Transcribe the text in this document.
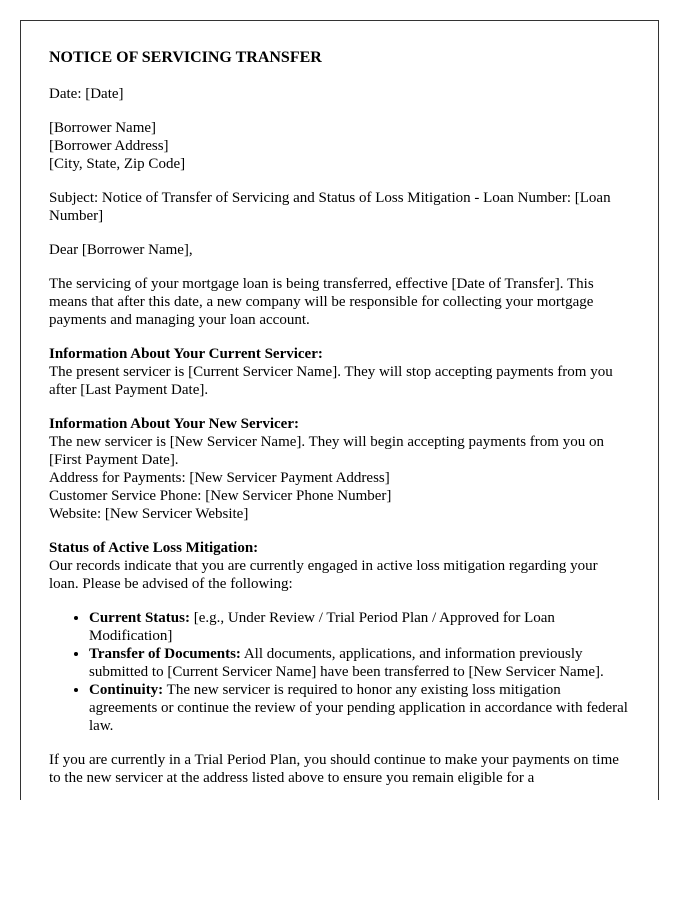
NOTICE OF SERVICING TRANSFER

Date: [Date]

[Borrower Name]
[Borrower Address]
[City, State, Zip Code]

Subject: Notice of Transfer of Servicing and Status of Loss Mitigation - Loan Number: [Loan Number]

Dear [Borrower Name],

The servicing of your mortgage loan is being transferred, effective [Date of Transfer]. This means that after this date, a new company will be responsible for collecting your mortgage payments and managing your loan account.

Information About Your Current Servicer:
The present servicer is [Current Servicer Name]. They will stop accepting payments from you after [Last Payment Date].

Information About Your New Servicer:
The new servicer is [New Servicer Name]. They will begin accepting payments from you on [First Payment Date].
Address for Payments: [New Servicer Payment Address]
Customer Service Phone: [New Servicer Phone Number]
Website: [New Servicer Website]

Status of Active Loss Mitigation:
Our records indicate that you are currently engaged in active loss mitigation regarding your loan. Please be advised of the following:

• Current Status: [e.g., Under Review / Trial Period Plan / Approved for Loan Modification]
• Transfer of Documents: All documents, applications, and information previously submitted to [Current Servicer Name] have been transferred to [New Servicer Name].
• Continuity: The new servicer is required to honor any existing loss mitigation agreements or continue the review of your pending application in accordance with federal law.

If you are currently in a Trial Period Plan, you should continue to make your payments on time to the new servicer at the address listed above to ensure you remain eligible for a
